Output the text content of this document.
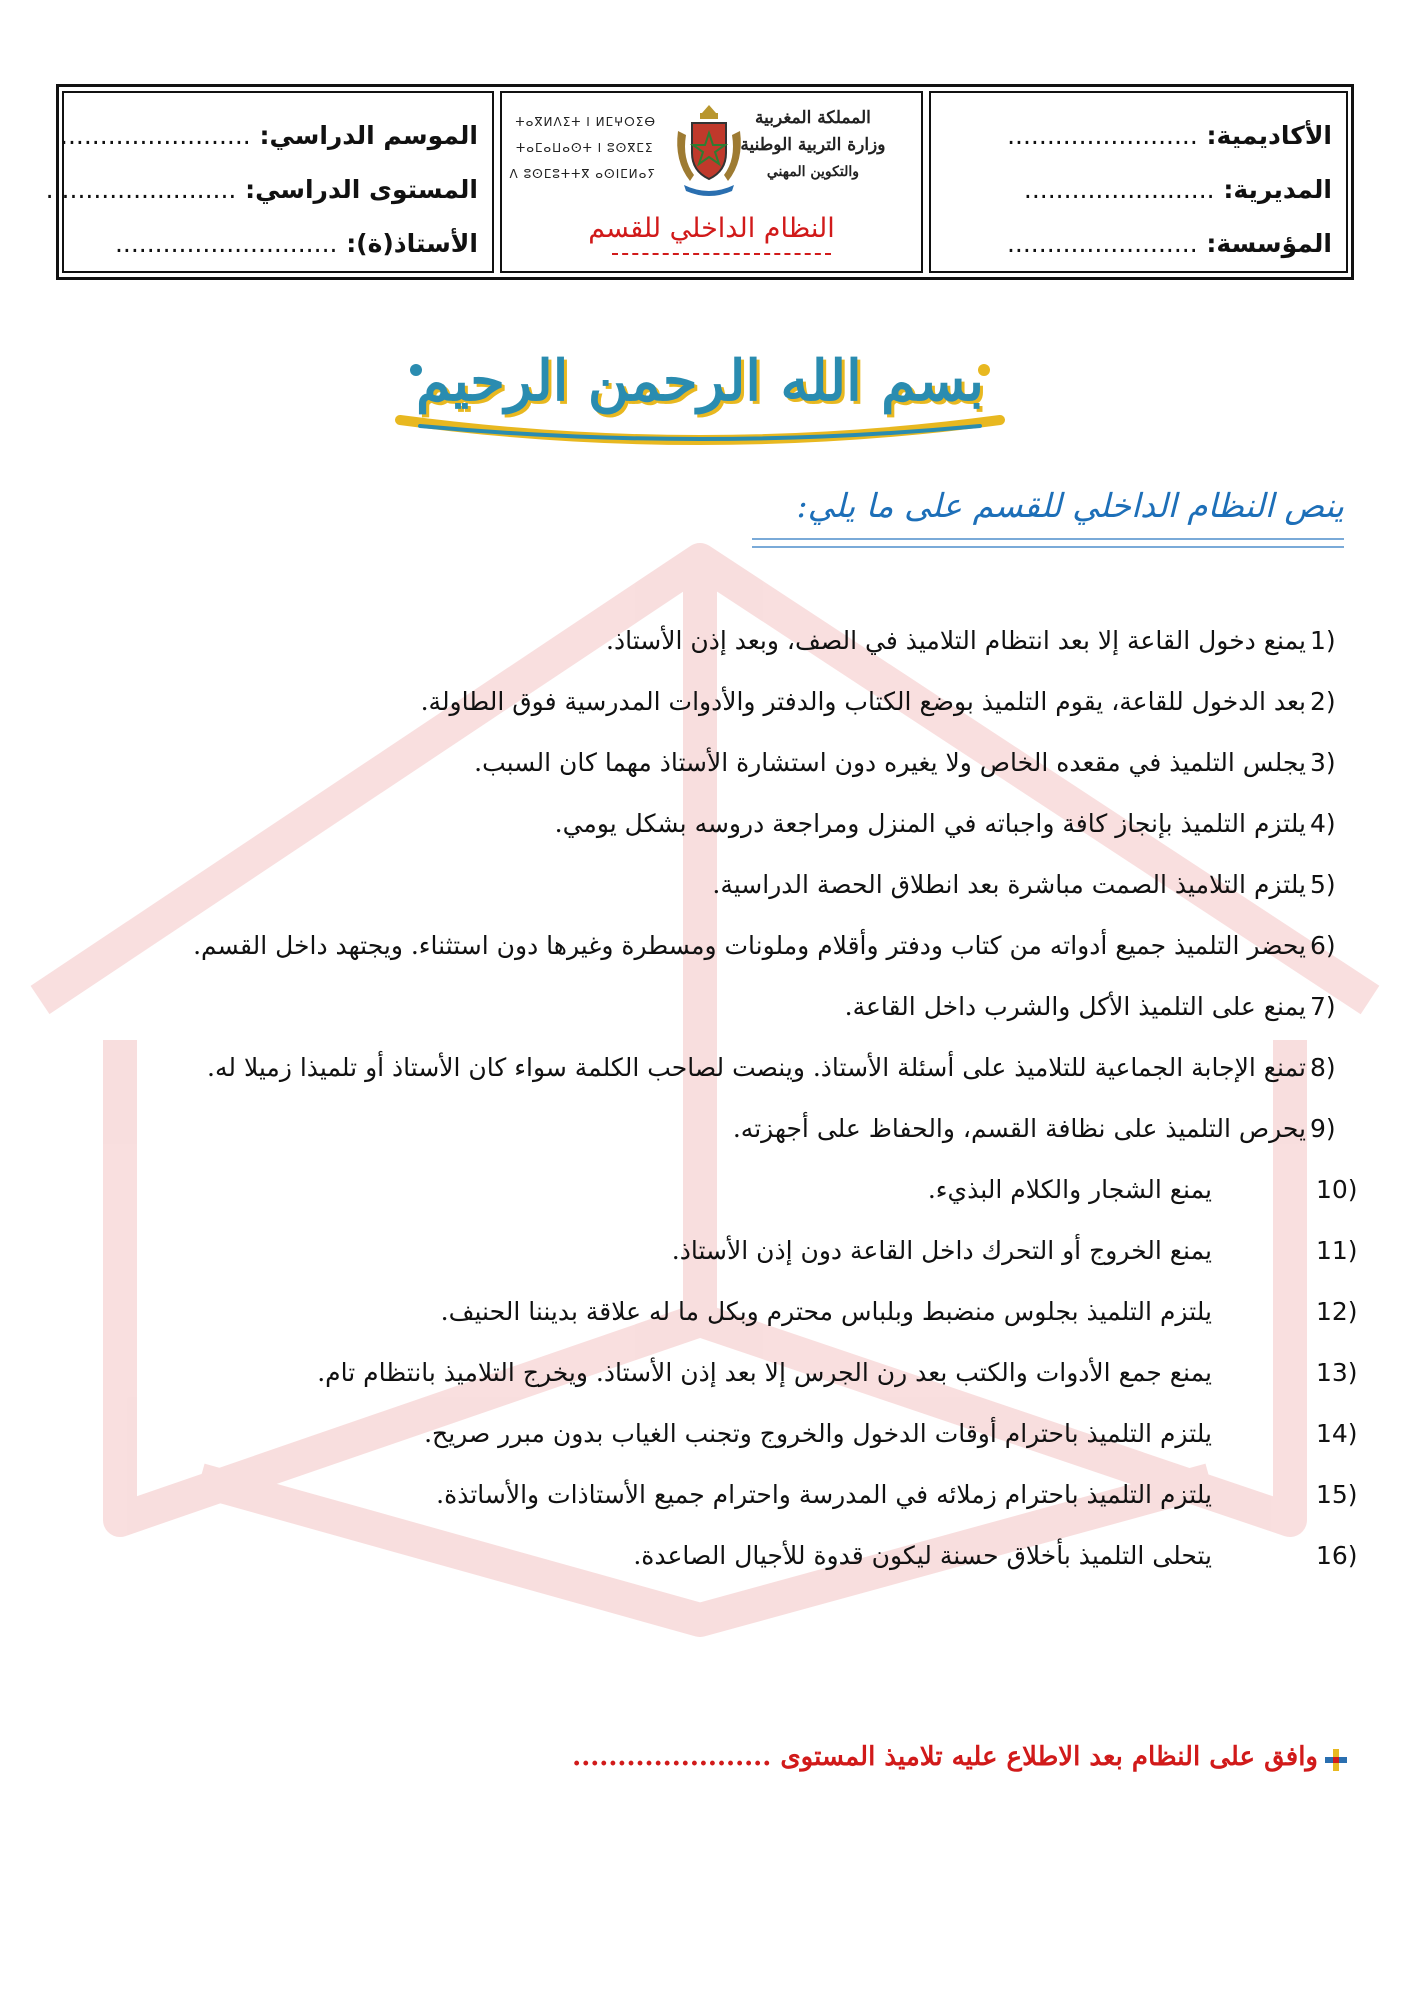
الأكاديمية: ........................
المديرية: ........................
المؤسسة: ........................
المملكة المغربية
وزارة التربية الوطنية
والتكوين المهني
ⵜⴰⴳⵍⴷⵉⵜ ⵏ ⵍⵎⵖⵔⵉⴱ
ⵜⴰⵎⴰⵡⴰⵙⵜ ⵏ ⵓⵙⴳⵎⵉ
ⴷ ⵓⵙⵎⵓⵜⵜⴳ ⴰⵙⵏⵎⵍⴰⵢ
النظام الداخلي للقسم
الموسم الدراسي: ........................
المستوى الدراسي: ........................
الأستاذ(ة): ............................
بسم الله الرحمن الرحيم
ينص النظام الداخلي للقسم على ما يلي:
1)
يمنع دخول القاعة إلا بعد انتظام التلاميذ في الصف، وبعد إذن الأستاذ.
2)
بعد الدخول للقاعة، يقوم التلميذ بوضع الكتاب والدفتر والأدوات المدرسية فوق الطاولة.
3)
يجلس التلميذ في مقعده الخاص ولا يغيره دون استشارة الأستاذ مهما كان السبب.
4)
يلتزم التلميذ بإنجاز كافة واجباته في المنزل ومراجعة دروسه بشكل يومي.
5)
يلتزم التلاميذ الصمت مباشرة بعد انطلاق الحصة الدراسية.
6)
يحضر التلميذ جميع أدواته من كتاب ودفتر وأقلام وملونات ومسطرة وغيرها دون استثناء. ويجتهد داخل القسم.
7)
يمنع على التلميذ الأكل والشرب داخل القاعة.
8)
تمنع الإجابة الجماعية للتلاميذ على أسئلة الأستاذ. وينصت لصاحب الكلمة سواء كان الأستاذ أو تلميذا زميلا له.
9)
يحرص التلميذ على نظافة القسم، والحفاظ على أجهزته.
10)
يمنع الشجار والكلام البذيء.
11)
يمنع الخروج أو التحرك داخل القاعة دون إذن الأستاذ.
12)
يلتزم التلميذ بجلوس منضبط وبلباس محترم وبكل ما له علاقة بديننا الحنيف.
13)
يمنع جمع الأدوات والكتب بعد رن الجرس إلا بعد إذن الأستاذ. ويخرج التلاميذ بانتظام تام.
14)
يلتزم التلميذ باحترام أوقات الدخول والخروج وتجنب الغياب بدون مبرر صريح.
15)
يلتزم التلميذ باحترام زملائه في المدرسة واحترام جميع الأستاذات والأساتذة.
16)
يتحلى التلميذ بأخلاق حسنة ليكون قدوة للأجيال الصاعدة.
وافق على النظام بعد الاطلاع عليه تلاميذ المستوى ......................
